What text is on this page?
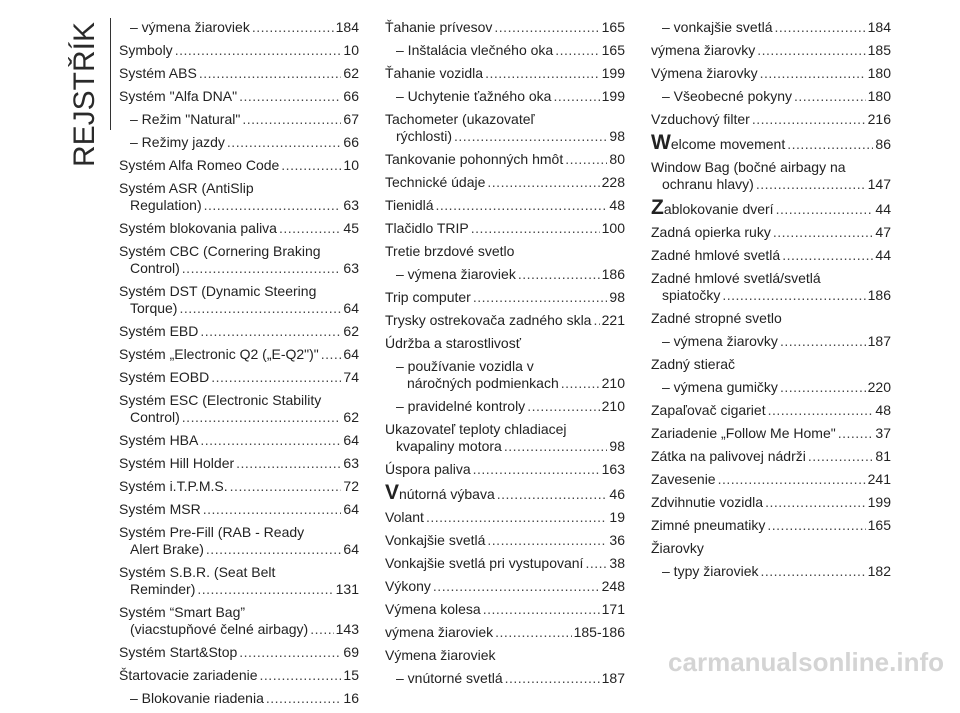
REJSTŘÍK – výmena žiaroviek .....	184
Symboly .....	10
Systém ABS .....	62
Systém "Alfa DNA" .....	66
– Režim "Natural" .....	67
– Režimy jazdy .....	66
Systém Alfa Romeo Code .....	10
Systém ASR (AntiSlip
Regulation) .....	63
Systém blokovania paliva .....	45
Systém CBC (Cornering Braking
Control) .....	63
Systém DST (Dynamic Steering
Torque) .....	64
Systém EBD .....	62
Systém „Electronic Q2 („E-Q2")" ..... 64
Systém EOBD .....	74
Systém ESC (Electronic Stability
Control) .....	62
Systém HBA .....	64
Systém Hill Holder .....	63
Systém i.T.P.M.S. .....	72
Systém MSR .....	64
Systém Pre-Fill (RAB - Ready
Alert Brake) .....	64
Systém S.B.R. (Seat Belt
Reminder) .....	131
Systém “Smart Bag”
(viacstupňové čelné airbagy) ..... 143
Systém Start&Stop .....	69
Štartovacie zariadenie .....	15
– Blokovanie riadenia .....	16
Ťahanie prívesov .....	165
– Inštalácia vlečného oka .....	165
Ťahanie vozidla .....	199
– Uchytenie ťažného oka .....	199
Tachometer (ukazovateľ
rýchlosti) .....	98
Tankovanie pohonných hmôt .....	80
Technické údaje .....	228
Tienidlá .....	48
Tlačidlo TRIP .....	100
Tretie brzdové svetlo
– výmena žiaroviek .....	186
Trip computer .....	98
Trysky ostrekovača zadného skla ..... 221
Údržba a starostlivosť
– používanie vozidla v
náročných podmienkach .....	210
– pravidelné kontroly .....	210
Ukazovateľ teploty chladiacej
kvapaliny motora .....	98
Úspora paliva .....	163
Vnútorná výbava .....	46
Volant .....	19
Vonkajšie svetlá .....	36
Vonkajšie svetlá pri vystupovaní ..... 38
Výkony .....	248
Výmena kolesa .....	171
výmena žiaroviek .....	185-186
Výmena žiaroviek
– vnútorné svetlá .....	187
– vonkajšie svetlá .....	184
výmena žiarovky .....	185
Výmena žiarovky .....	180
– Všeobecné pokyny .....	180
Vzduchový filter .....	216
Welcome movement .....	86
Window Bag (bočné airbagy na
ochranu hlavy) .....	147
Zablokovanie dverí .....	44
Zadná opierka ruky .....	47
Zadné hmlové svetlá .....	44
Zadné hmlové svetlá/svetlá
spiatočky .....	186
Zadné stropné svetlo
– výmena žiarovky .....	187
Zadný stierač
– výmena gumičky .....	220
Zapaľovač cigariet .....	48
Zariadenie „Follow Me Home" .....	37
Zátka na palivovej nádrži .....	81
Zavesenie .....	241
Zdvihnutie vozidla .....	199
Zimné pneumatiky .....	165
Žiarovky
– typy žiaroviek .....	182
carmanualsonline.info
